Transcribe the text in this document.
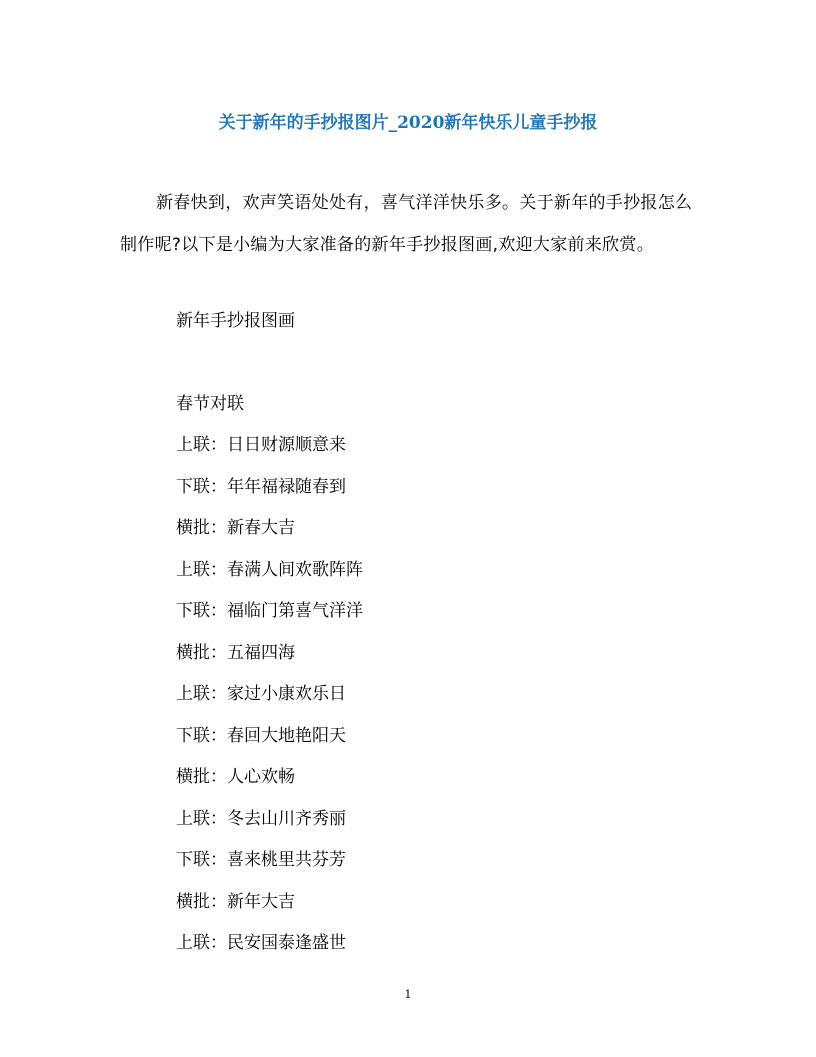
关于新年的手抄报图片_2020新年快乐儿童手抄报

新春快到，欢声笑语处处有，喜气洋洋快乐多。关于新年的手抄报怎么制作呢?以下是小编为大家准备的新年手抄报图画,欢迎大家前来欣赏。

新年手抄报图画
春节对联
上联：日日财源顺意来
下联：年年福禄随春到
横批：新春大吉
上联：春满人间欢歌阵阵
下联：福临门第喜气洋洋
横批：五福四海
上联：家过小康欢乐日
下联：春回大地艳阳天
横批：人心欢畅
上联：冬去山川齐秀丽
下联：喜来桃里共芬芳
横批：新年大吉
上联：民安国泰逢盛世
1
